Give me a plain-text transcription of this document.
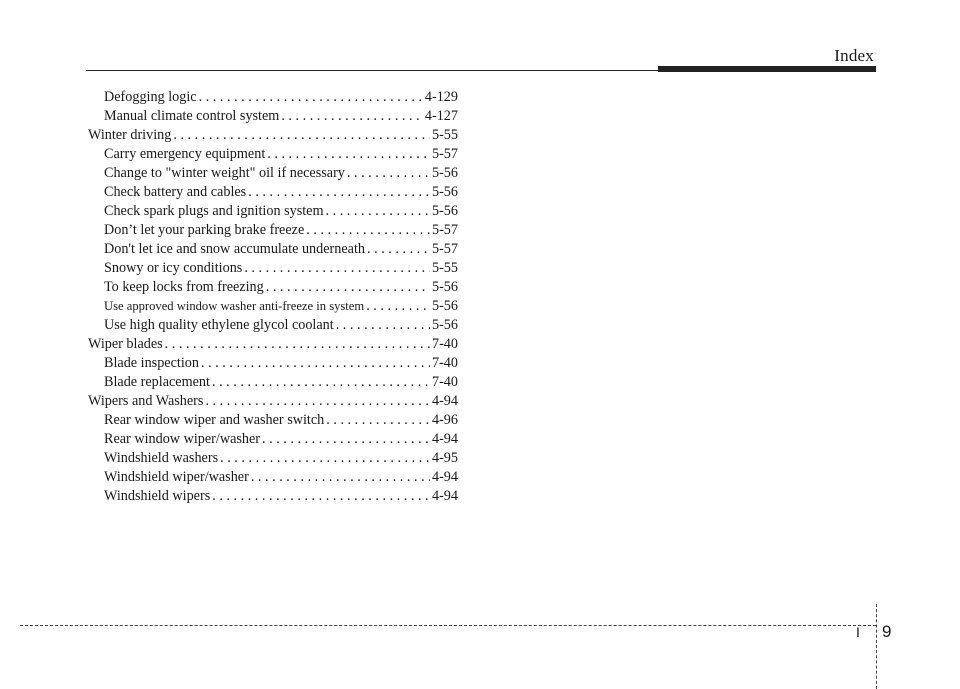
Index
Defogging logic . . .	4-129
Manual climate control system . . .	4-127
Winter driving . . .	5-55
Carry emergency equipment . . .	5-57
Change to "winter weight" oil if necessary . . .	5-56
Check battery and cables . . .	5-56
Check spark plugs and ignition system . . .	5-56
Don’t let your parking brake freeze . . .	5-57
Don't let ice and snow accumulate underneath . . .	5-57
Snowy or icy conditions . . .	5-55
To keep locks from freezing . . .	5-56
Use approved window washer anti-freeze in system . . .	5-56
Use high quality ethylene glycol coolant . . .	5-56
Wiper blades . . .	7-40
Blade inspection . . .	7-40
Blade replacement . . .	7-40
Wipers and Washers . . .	4-94
Rear window wiper and washer switch . . .	4-96
Rear window wiper/washer . . .	4-94
Windshield washers . . .	4-95
Windshield wiper/washer . . .	4-94
Windshield wipers . . .	4-94
I 9
